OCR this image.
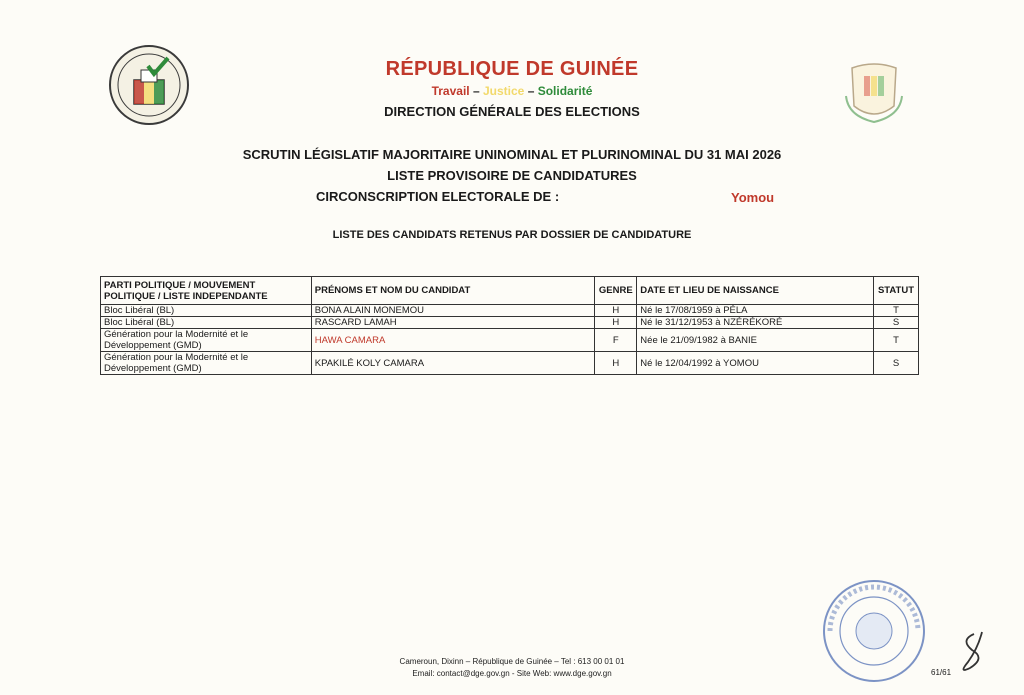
RÉPUBLIQUE DE GUINÉE
Travail – Justice – Solidarité
DIRECTION GÉNÉRALE DES ELECTIONS
SCRUTIN LÉGISLATIF MAJORITAIRE UNINOMINAL ET PLURINOMINAL DU 31 MAI 2026
LISTE PROVISOIRE DE CANDIDATURES
CIRCONSCRIPTION ELECTORALE DE :	Yomou
LISTE DES CANDIDATS RETENUS PAR DOSSIER DE CANDIDATURE
PARTI POLITIQUE / MOUVEMENT POLITIQUE / LISTE INDEPENDANTE	PRÉNOMS ET NOM DU CANDIDAT	GENRE	DATE ET LIEU DE NAISSANCE	STATUT
Bloc Libéral (BL)	BONA ALAIN MONEMOU	H	Né le 17/08/1959 à PÉLA	T
Bloc Libéral (BL)	RASCARD LAMAH	H	Né le 31/12/1953 à NZÉRÉKORÉ	S
Génération pour la Modernité et le Développement (GMD)	HAWA CAMARA	F	Née le 21/09/1982 à BANIE	T
Génération pour la Modernité et le Développement (GMD)	KPAKILÉ KOLY CAMARA	H	Né le 12/04/1992 à YOMOU	S
Cameroun, Dixinn – République de Guinée – Tel : 613 00 01 01
Email: contact@dge.gov.gn - Site Web: www.dge.gov.gn	61/61
